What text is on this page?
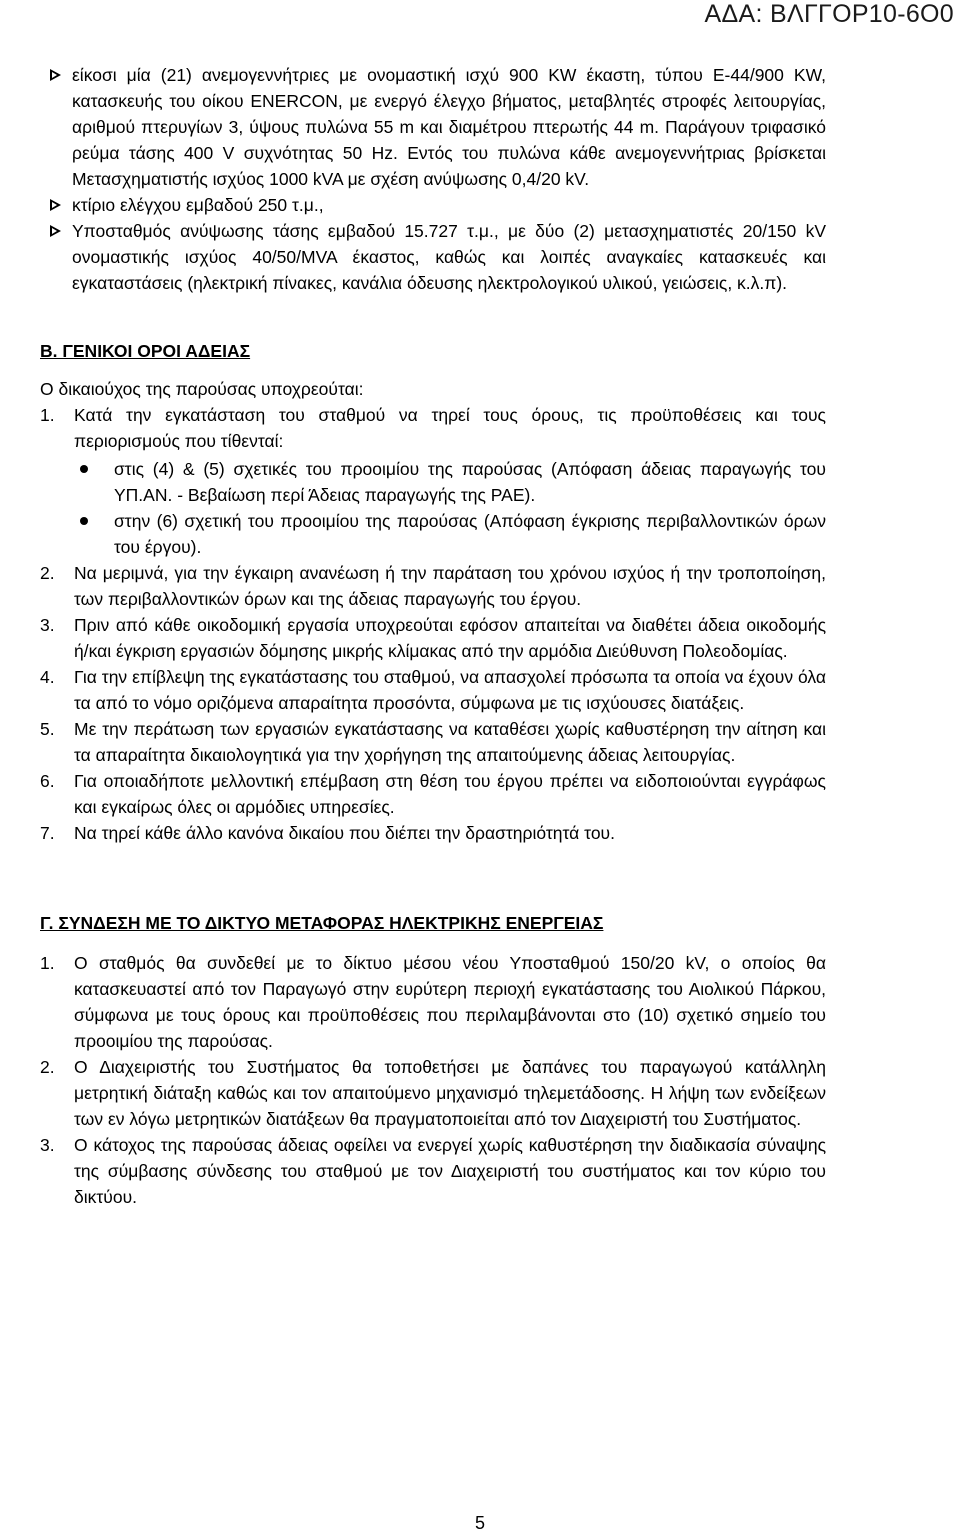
ΑΔΑ: ΒΛΓΓΟΡ10-6Ο0
είκοσι μία (21) ανεμογεννήτριες με ονομαστική ισχύ 900 KW έκαστη, τύπου E-44/900 KW, κατασκευής του οίκου ENERCON, με ενεργό έλεγχο βήματος, μεταβλητές στροφές λειτουργίας, αριθμού πτερυγίων 3, ύψους πυλώνα 55 m και διαμέτρου πτερωτής 44 m. Παράγουν τριφασικό ρεύμα τάσης 400 V συχνότητας 50 Hz. Εντός του πυλώνα κάθε ανεμογεννήτριας βρίσκεται Μετασχηματιστής ισχύος 1000 kVA με σχέση ανύψωσης 0,4/20 kV.
κτίριο ελέγχου εμβαδού 250 τ.μ.,
Υποσταθμός ανύψωσης τάσης εμβαδού 15.727 τ.μ., με δύο (2) μετασχηματιστές 20/150 kV ονομαστικής ισχύος 40/50/MVA έκαστος, καθώς και λοιπές αναγκαίες κατασκευές και εγκαταστάσεις (ηλεκτρική πίνακες, κανάλια όδευσης ηλεκτρολογικού υλικού, γειώσεις, κ.λ.π).
Β. ΓΕΝΙΚΟΙ ΟΡΟΙ ΑΔΕΙΑΣ
Ο δικαιούχος της παρούσας υποχρεούται:
1. Κατά την εγκατάσταση του σταθμού να τηρεί τους όρους, τις προϋποθέσεις και τους περιορισμούς που τίθενταί:
στις (4) & (5) σχετικές του προοιμίου της παρούσας (Απόφαση άδειας παραγωγής του ΥΠ.ΑΝ. - Βεβαίωση περί Άδειας παραγωγής της ΡΑΕ).
στην (6) σχετική του προοιμίου της παρούσας (Απόφαση έγκρισης περιβαλλοντικών όρων του έργου).
2. Να μεριμνά, για την έγκαιρη ανανέωση ή την παράταση του χρόνου ισχύος ή την τροποποίηση, των περιβαλλοντικών όρων και της άδειας παραγωγής του έργου.
3. Πριν από κάθε οικοδομική εργασία υποχρεούται εφόσον απαιτείται να διαθέτει άδεια οικοδομής ή/και έγκριση εργασιών δόμησης μικρής κλίμακας από την αρμόδια Διεύθυνση Πολεοδομίας.
4. Για την επίβλεψη της εγκατάστασης του σταθμού, να απασχολεί πρόσωπα τα οποία να έχουν όλα τα από το νόμο οριζόμενα απαραίτητα προσόντα, σύμφωνα με τις ισχύουσες διατάξεις.
5. Με την περάτωση των εργασιών εγκατάστασης να καταθέσει χωρίς καθυστέρηση την αίτηση και τα απαραίτητα δικαιολογητικά για την χορήγηση της απαιτούμενης άδειας λειτουργίας.
6. Για οποιαδήποτε μελλοντική επέμβαση στη θέση του έργου πρέπει να ειδοποιούνται εγγράφως και εγκαίρως όλες οι αρμόδιες υπηρεσίες.
7. Να τηρεί κάθε άλλο κανόνα δικαίου που διέπει την δραστηριότητά του.
Γ. ΣΥΝΔΕΣΗ ΜΕ ΤΟ ΔΙΚΤΥΟ ΜΕΤΑΦΟΡΑΣ ΗΛΕΚΤΡΙΚΗΣ ΕΝΕΡΓΕΙΑΣ
1. Ο σταθμός θα συνδεθεί με το δίκτυο μέσου νέου Υποσταθμού 150/20 kV, ο οποίος θα κατασκευαστεί από τον Παραγωγό στην ευρύτερη περιοχή εγκατάστασης του Αιολικού Πάρκου, σύμφωνα με τους όρους και προϋποθέσεις που περιλαμβάνονται στο (10) σχετικό σημείο του προοιμίου της παρούσας.
2. Ο Διαχειριστής του Συστήματος θα τοποθετήσει με δαπάνες του παραγωγού κατάλληλη μετρητική διάταξη καθώς και τον απαιτούμενο μηχανισμό τηλεμετάδοσης. Η λήψη των ενδείξεων των εν λόγω μετρητικών διατάξεων θα πραγματοποιείται από τον Διαχειριστή του Συστήματος.
3. Ο κάτοχος της παρούσας άδειας οφείλει να ενεργεί χωρίς καθυστέρηση την διαδικασία σύναψης της σύμβασης σύνδεσης του σταθμού με τον Διαχειριστή του συστήματος και τον κύριο του δικτύου.
5
